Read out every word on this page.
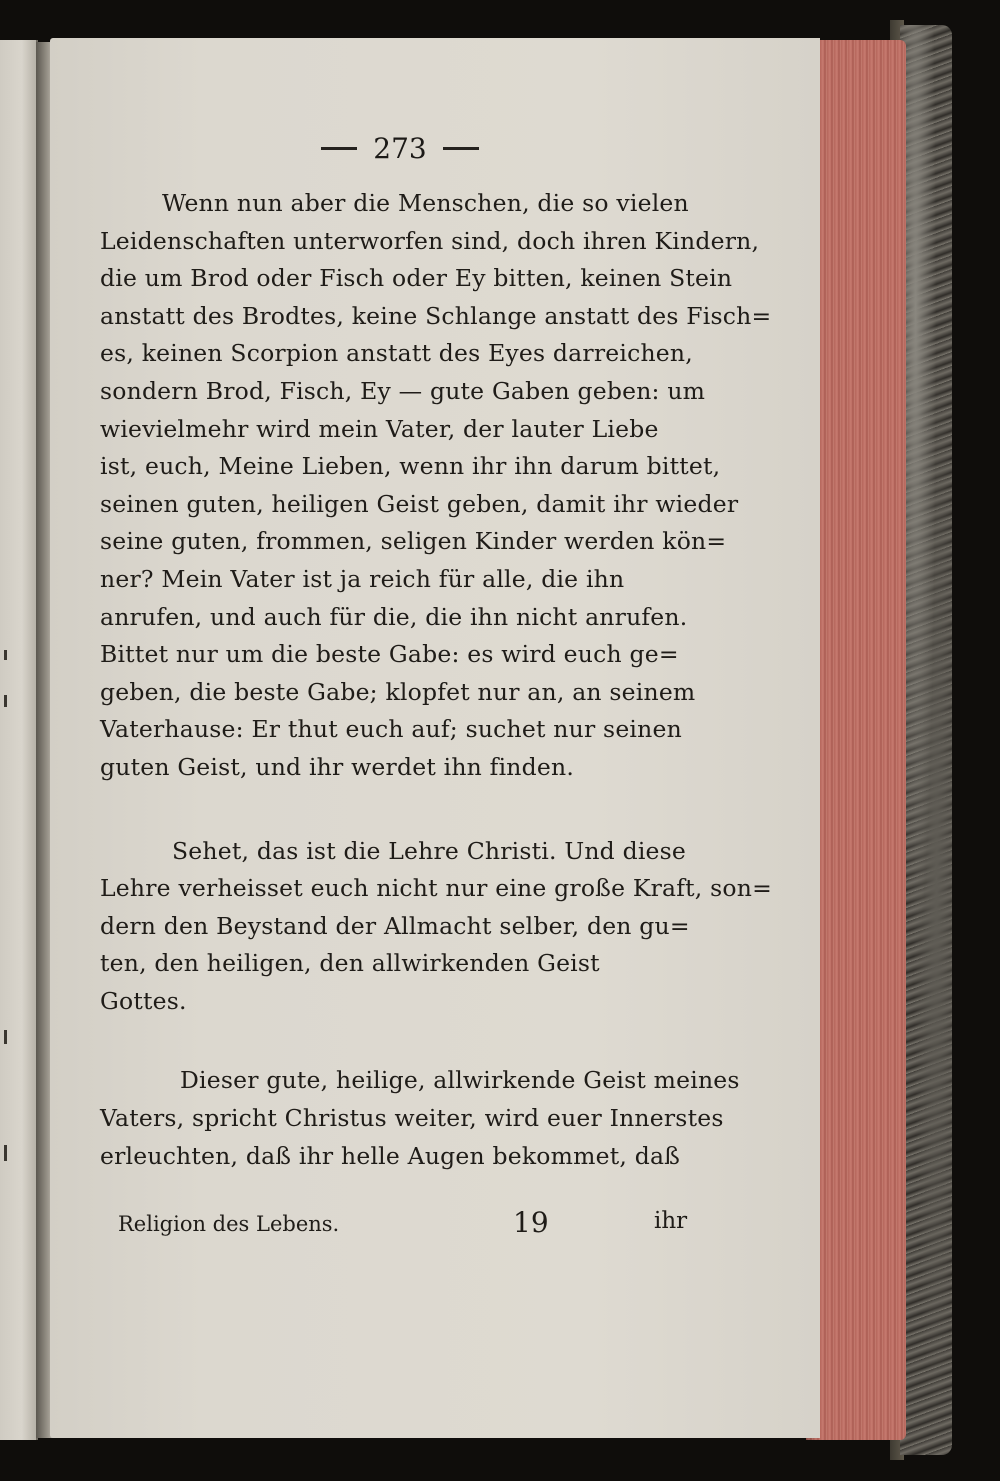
273

Wenn nun aber die Menschen, die so vielen
Leidenschaften unterworfen sind, doch ihren Kindern,
die um Brod oder Fisch oder Ey bitten, keinen Stein
anstatt des Brodtes, keine Schlange anstatt des Fisch=
es, keinen Scorpion anstatt des Eyes darreichen,
sondern Brod, Fisch, Ey — gute Gaben geben: um
wievielmehr wird mein Vater, der lauter Liebe
ist, euch, Meine Lieben, wenn ihr ihn darum bittet,
seinen guten, heiligen Geist geben, damit ihr wieder
seine guten, frommen, seligen Kinder werden kön=
ner? Mein Vater ist ja reich für alle, die ihn
anrufen, und auch für die, die ihn nicht anrufen.
Bittet nur um die beste Gabe: es wird euch ge=
geben, die beste Gabe; klopfet nur an, an seinem
Vaterhause: Er thut euch auf; suchet nur seinen
guten Geist, und ihr werdet ihn finden.

Sehet, das ist die Lehre Christi. Und diese
Lehre verheisset euch nicht nur eine große Kraft, son=
dern den Beystand der Allmacht selber, den gu=
ten, den heiligen, den allwirkenden Geist
Gottes.

Dieser gute, heilige, allwirkende Geist meines
Vaters, spricht Christus weiter, wird euer Innerstes
erleuchten, daß ihr helle Augen bekommet, daß

Religion des Lebens.	19	ihr
